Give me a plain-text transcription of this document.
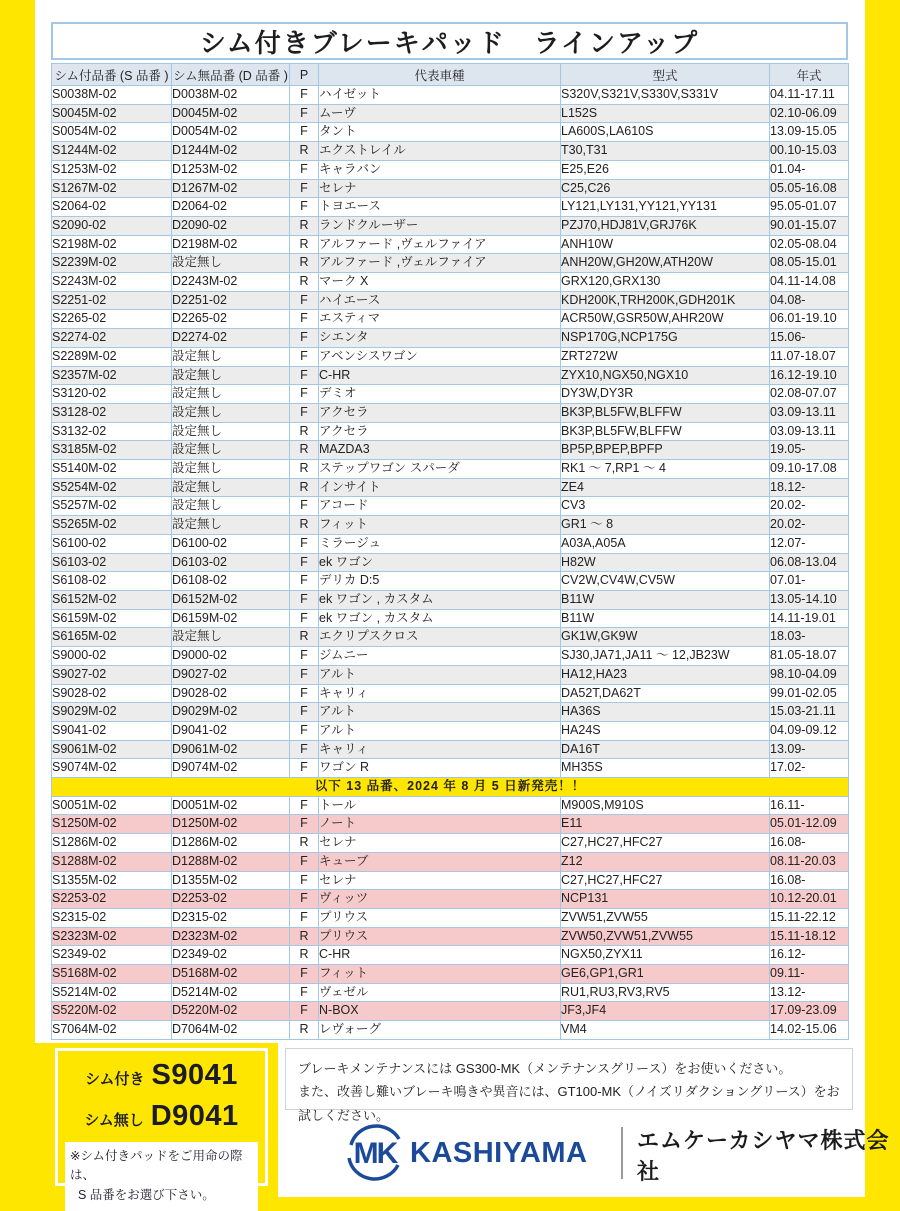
シム付きブレーキパッド　ラインアップ
シム付品番 (S 品番 )	シム無品番 (D 品番 )	P	代表車種	型式	年式
S0038M-02	D0038M-02	F	ハイゼット	S320V,S321V,S330V,S331V	04.11-17.11
S0045M-02	D0045M-02	F	ムーヴ	L152S	02.10-06.09
S0054M-02	D0054M-02	F	タント	LA600S,LA610S	13.09-15.05
S1244M-02	D1244M-02	R	エクストレイル	T30,T31	00.10-15.03
S1253M-02	D1253M-02	F	キャラバン	E25,E26	01.04-
S1267M-02	D1267M-02	F	セレナ	C25,C26	05.05-16.08
S2064-02	D2064-02	F	トヨエース	LY121,LY131,YY121,YY131	95.05-01.07
S2090-02	D2090-02	R	ランドクルーザー	PZJ70,HDJ81V,GRJ76K	90.01-15.07
S2198M-02	D2198M-02	R	アルファード ,ヴェルファイア	ANH10W	02.05-08.04
S2239M-02	設定無し	R	アルファード ,ヴェルファイア	ANH20W,GH20W,ATH20W	08.05-15.01
S2243M-02	D2243M-02	R	マーク X	GRX120,GRX130	04.11-14.08
S2251-02	D2251-02	F	ハイエース	KDH200K,TRH200K,GDH201K	04.08-
S2265-02	D2265-02	F	エスティマ	ACR50W,GSR50W,AHR20W	06.01-19.10
S2274-02	D2274-02	F	シエンタ	NSP170G,NCP175G	15.06-
S2289M-02	設定無し	F	アベンシスワゴン	ZRT272W	11.07-18.07
S2357M-02	設定無し	F	C-HR	ZYX10,NGX50,NGX10	16.12-19.10
S3120-02	設定無し	F	デミオ	DY3W,DY3R	02.08-07.07
S3128-02	設定無し	F	アクセラ	BK3P,BL5FW,BLFFW	03.09-13.11
S3132-02	設定無し	R	アクセラ	BK3P,BL5FW,BLFFW	03.09-13.11
S3185M-02	設定無し	R	MAZDA3	BP5P,BPEP,BPFP	19.05-
S5140M-02	設定無し	R	ステップワゴン スパーダ	RK1 ～ 7,RP1 ～ 4	09.10-17.08
S5254M-02	設定無し	R	インサイト	ZE4	18.12-
S5257M-02	設定無し	F	アコード	CV3	20.02-
S5265M-02	設定無し	R	フィット	GR1 ～ 8	20.02-
S6100-02	D6100-02	F	ミラージュ	A03A,A05A	12.07-
S6103-02	D6103-02	F	ek ワゴン	H82W	06.08-13.04
S6108-02	D6108-02	F	デリカ D:5	CV2W,CV4W,CV5W	07.01-
S6152M-02	D6152M-02	F	ek ワゴン , カスタム	B11W	13.05-14.10
S6159M-02	D6159M-02	F	ek ワゴン , カスタム	B11W	14.11-19.01
S6165M-02	設定無し	R	エクリプスクロス	GK1W,GK9W	18.03-
S9000-02	D9000-02	F	ジムニー	SJ30,JA71,JA11 ～ 12,JB23W	81.05-18.07
S9027-02	D9027-02	F	アルト	HA12,HA23	98.10-04.09
S9028-02	D9028-02	F	キャリィ	DA52T,DA62T	99.01-02.05
S9029M-02	D9029M-02	F	アルト	HA36S	15.03-21.11
S9041-02	D9041-02	F	アルト	HA24S	04.09-09.12
S9061M-02	D9061M-02	F	キャリィ	DA16T	13.09-
S9074M-02	D9074M-02	F	ワゴン R	MH35S	17.02-
以下 13 品番、2024 年 8 月 5 日新発売！！					
S0051M-02	D0051M-02	F	トール	M900S,M910S	16.11-
S1250M-02	D1250M-02	F	ノート	E11	05.01-12.09
S1286M-02	D1286M-02	R	セレナ	C27,HC27,HFC27	16.08-
S1288M-02	D1288M-02	F	キューブ	Z12	08.11-20.03
S1355M-02	D1355M-02	F	セレナ	C27,HC27,HFC27	16.08-
S2253-02	D2253-02	F	ヴィッツ	NCP131	10.12-20.01
S2315-02	D2315-02	F	プリウス	ZVW51,ZVW55	15.11-22.12
S2323M-02	D2323M-02	R	プリウス	ZVW50,ZVW51,ZVW55	15.11-18.12
S2349-02	D2349-02	R	C-HR	NGX50,ZYX11	16.12-
S5168M-02	D5168M-02	F	フィット	GE6,GP1,GR1	09.11-
S5214M-02	D5214M-02	F	ヴェゼル	RU1,RU3,RV3,RV5	13.12-
S5220M-02	D5220M-02	F	N-BOX	JF3,JF4	17.09-23.09
S7064M-02	D7064M-02	R	レヴォーグ	VM4	14.02-15.06
シム付き S9041
シム無し D9041
※シム付きパッドをご用命の際は、
S 品番をお選び下さい。
ブレーキメンテナンスには GS300-MK（メンテナンスグリース）をお使いください。
また、改善し難いブレーキ鳴きや異音には、GT100-MK（ノイズリダクショングリース）をお試しください。
MK KASHIYAMA エムケーカシヤマ株式会社
